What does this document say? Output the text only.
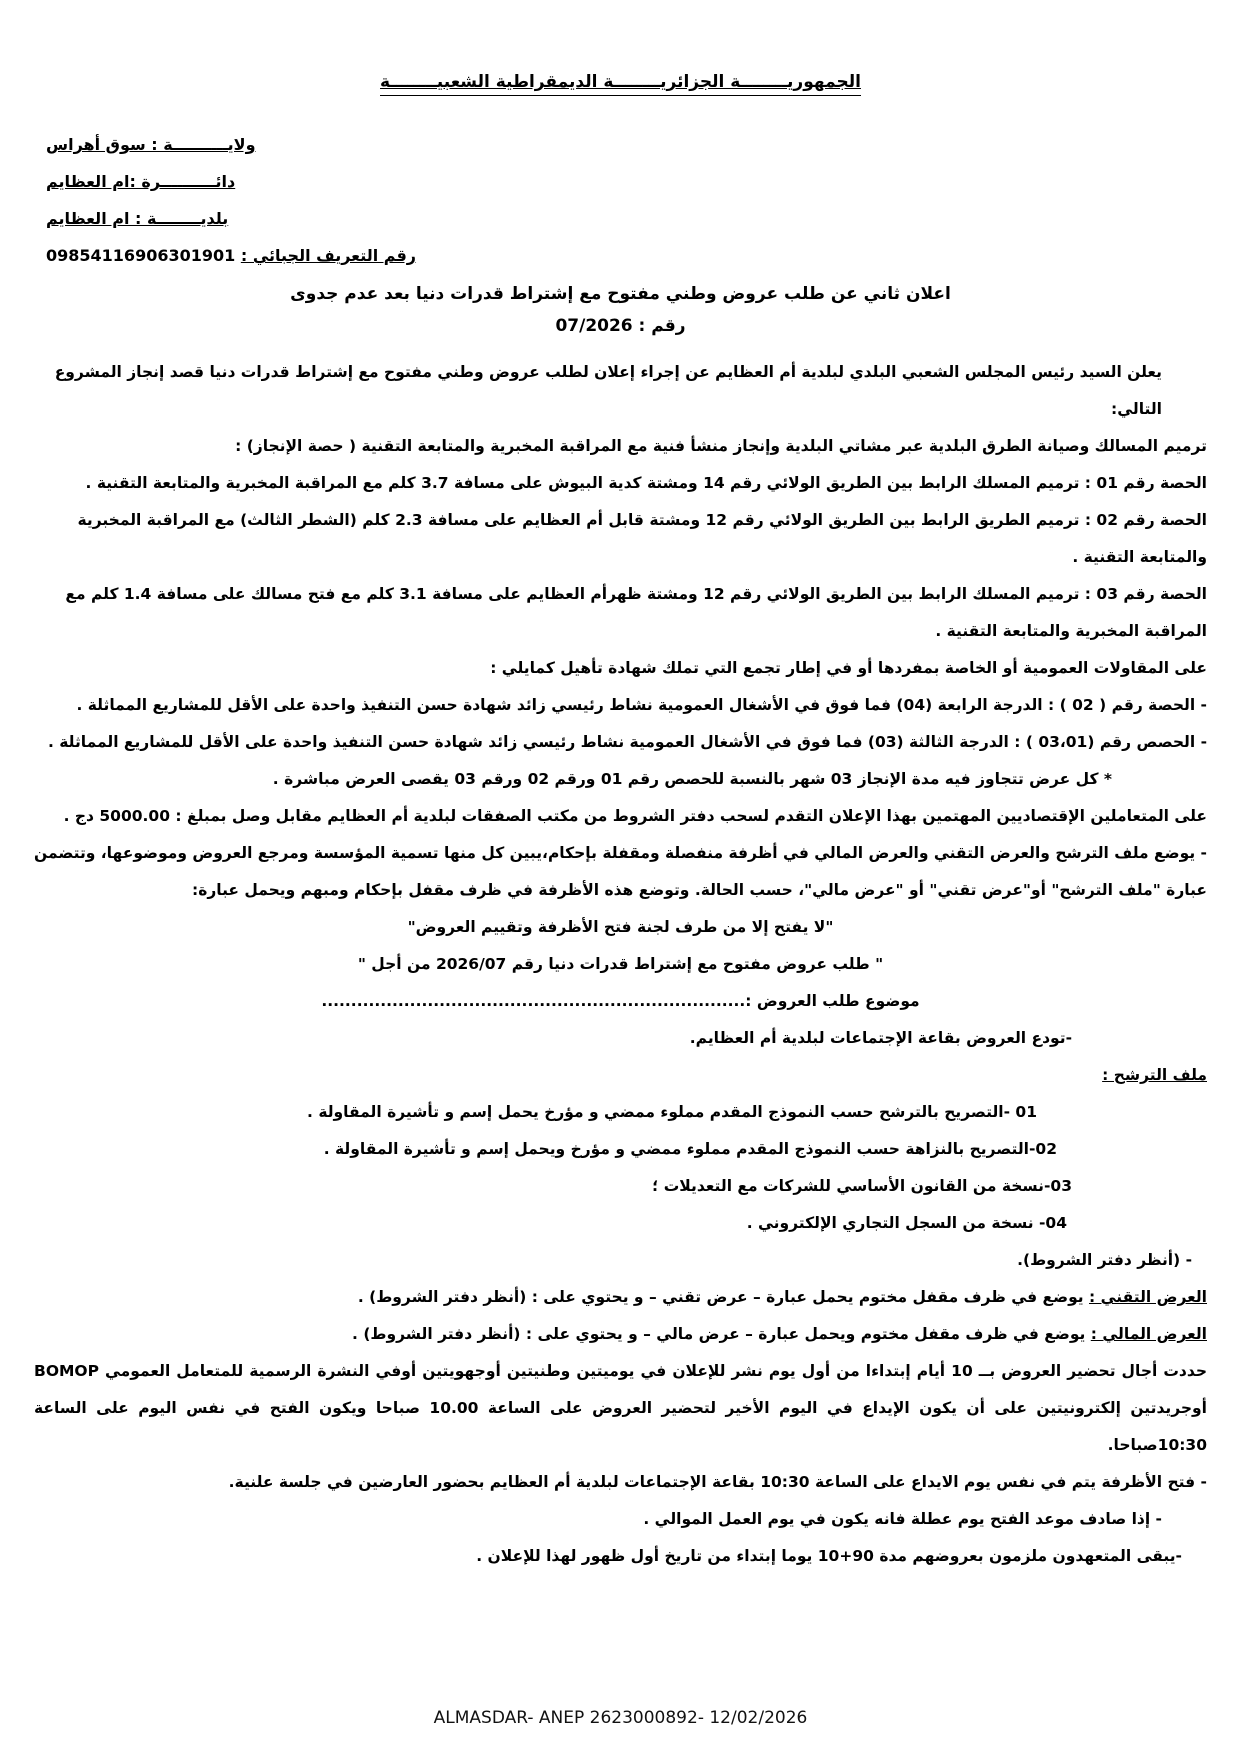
الجمهوريــــــــة الجزائريــــــــة الديمقراطية الشعبيــــــــة
ولايــــــــــة : سوق أهراس
دائــــــــــرة :ام العظايم
بلديــــــــة : ام العظايم
رقم التعريف الجبائي : 09854116906301901
اعلان ثاني عن طلب عروض وطني مفتوح مع إشتراط قدرات دنيا بعد عدم جدوى
رقم : 07/2026
يعلن السيد رئيس المجلس الشعبي البلدي لبلدية أم العظايم عن إجراء إعلان لطلب عروض وطني مفتوح مع إشتراط قدرات دنيا قصد إنجاز المشروع التالي:
ترميم المسالك وصيانة الطرق البلدية عبر مشاتي البلدية وإنجاز منشأ فنية مع المراقبة المخبرية والمتابعة التقنية ( حصة الإنجاز) :
الحصة رقم 01 : ترميم المسلك الرابط بين الطريق الولائي رقم 14 ومشتة كدية البيوش على مسافة 3.7 كلم مع المراقبة المخبرية والمتابعة التقنية .
الحصة رقم 02 : ترميم الطريق الرابط بين الطريق الولائي رقم 12 ومشتة قابل أم العظايم على مسافة 2.3 كلم (الشطر الثالث) مع المراقبة المخبرية والمتابعة التقنية .
الحصة رقم 03 : ترميم المسلك الرابط بين الطريق الولائي رقم 12 ومشتة ظهرأم العظايم على مسافة 3.1 كلم مع فتح مسالك على مسافة 1.4 كلم مع المراقبة المخبرية والمتابعة التقنية .
على المقاولات العمومية أو الخاصة بمفردها أو في إطار تجمع التي تملك شهادة تأهيل كمايلي :
- الحصة رقم ( 02 ) : الدرجة الرابعة (04) فما فوق في الأشغال العمومية نشاط رئيسي زائد شهادة حسن التنفيذ واحدة على الأقل للمشاريع المماثلة .
- الحصص رقم (03،01 ) : الدرجة الثالثة (03) فما فوق في الأشغال العمومية نشاط رئيسي زائد شهادة حسن التنفيذ واحدة على الأقل للمشاريع المماثلة .
* كل عرض تتجاوز فيه مدة الإنجاز 03 شهر بالنسبة للحصص رقم 01 ورقم 02 ورقم 03 يقصى العرض مباشرة .
على المتعاملين الإقتصاديين المهتمين بهذا الإعلان التقدم لسحب دفتر الشروط من مكتب الصفقات لبلدية أم العظايم مقابل وصل بمبلغ : 5000.00 دج .
- يوضع ملف الترشح والعرض التقني والعرض المالي في أظرفة منفصلة ومقفلة بإحكام،يبين كل منها تسمية المؤسسة ومرجع العروض وموضوعها، وتتضمن عبارة "ملف الترشح" أو"عرض تقني" أو "عرض مالي"، حسب الحالة. وتوضع هذه الأظرفة في ظرف مقفل بإحكام ومبهم ويحمل عبارة:
"لا يفتح إلا من طرف لجنة فتح الأظرفة وتقييم العروض"
" طلب عروض مفتوح مع إشتراط قدرات دنيا رقم 2026/07 من أجل "
موضوع طلب العروض :........................................................................
-تودع العروض بقاعة الإجتماعات لبلدية أم العظايم.
ملف الترشح :
01 -التصريح بالترشح حسب النموذج المقدم مملوء ممضي و مؤرخ يحمل إسم و تأشيرة المقاولة .
02-التصريح بالنزاهة حسب النموذج المقدم مملوء ممضي و مؤرخ ويحمل إسم و تأشيرة المقاولة .
03-نسخة من القانون الأساسي للشركات مع التعديلات ؛
04- نسخة من السجل التجاري الإلكتروني .
- (أنظر دفتر الشروط).
العرض التقني : يوضع في ظرف مقفل مختوم يحمل عبارة – عرض تقني – و يحتوي على : (أنظر دفتر الشروط) .
العرض المالي : يوضع في ظرف مقفل مختوم ويحمل عبارة – عرض مالي – و يحتوي على : (أنظر دفتر الشروط) .
حددت أجال تحضير العروض بــ 10 أيام إبتداءا من أول يوم نشر للإعلان في يوميتين وطنيتين أوجهويتين أوفي النشرة الرسمية للمتعامل العمومي BOMOP أوجريدتين إلكترونيتين على أن يكون الإيداع في اليوم الأخير لتحضير العروض على الساعة 10.00 صباحا ويكون الفتح في نفس اليوم على الساعة 10:30صباحا.
- فتح الأظرفة يتم في نفس يوم الايداع على الساعة 10:30 بقاعة الإجتماعات لبلدية أم العظايم بحضور العارضين في جلسة علنية.
- إذا صادف موعد الفتح يوم عطلة فانه يكون في يوم العمل الموالي .
-يبقى المتعهدون ملزمون بعروضهم مدة 90+10 يوما إبتداء من تاريخ أول ظهور لهذا للإعلان .
ALMASDAR- ANEP 2623000892- 12/02/2026
